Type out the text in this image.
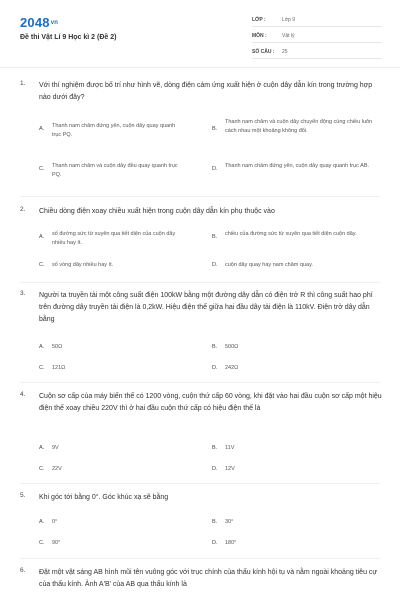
$2048^{vn}$
Đề thi Vật Lí 9 Học kì 2 (Đề 2)
LỚP :	Lớp 9
MÔN :	Vật lý
SỐ CÂU :	25
1. Với thí nghiệm được bố trí như hình vẽ, dòng điện cảm ứng xuất hiện ở cuộn dây dẫn kín trong trường hợp nào dưới đây?
A. Thanh nam châm đứng yên, cuộn dây quay quanh trục PQ.
B.
Thanh nam châm và cuộn dây chuyển động cùng chiều luôn cách nhau một khoảng không đổi.
C. Thanh nam châm và cuộn dây đều quay quanh trục PQ.
D. Thanh nam châm đứng yên, cuộn dây quay quanh trục AB.
2. Chiều dòng điện xoay chiều xuất hiện trong cuộn dây dẫn kín phụ thuộc vào
A. số đường sức từ xuyên qua tiết diện của cuộn dây nhiều hay ít.
B. chiều của đường sức từ xuyên qua tiết diện cuộn dây.
C. số vòng dây nhiều hay ít.	D. cuộn dây quay hay nam châm quay.
3. Người ta truyền tải một công suất điện 100kW bằng một đường dây dẫn có điện trở R thì công suất hao phí trên đường dây truyền tải điện là 0,2kW. Hiệu điện thế giữa hai đầu dây tải điện là 110kV. Điện trở dây dẫn bằng
A. 50Ω	B. 500Ω
C. 121Ω	D. 242Ω
4. Cuộn sơ cấp của máy biến thế có 1200 vòng, cuộn thứ cấp 60 vòng, khi đặt vào hai đầu cuộn sơ cấp một hiệu điện thế xoay chiều 220V thì ở hai đầu cuộn thứ cấp có hiệu điện thế là
A. 9V	B. 11V
C. 22V	D. 12V
5. Khi góc tới bằng 0°. Góc khúc xạ sẽ bằng
A. 0°	B. 30°
C. 90°	D. 180°
6. Đặt một vật sáng AB hình mũi tên vuông góc với trục chính của thấu kính hội tụ và nằm ngoài khoảng tiêu cự của thấu kính. Ảnh A'B' của AB qua thấu kính là
